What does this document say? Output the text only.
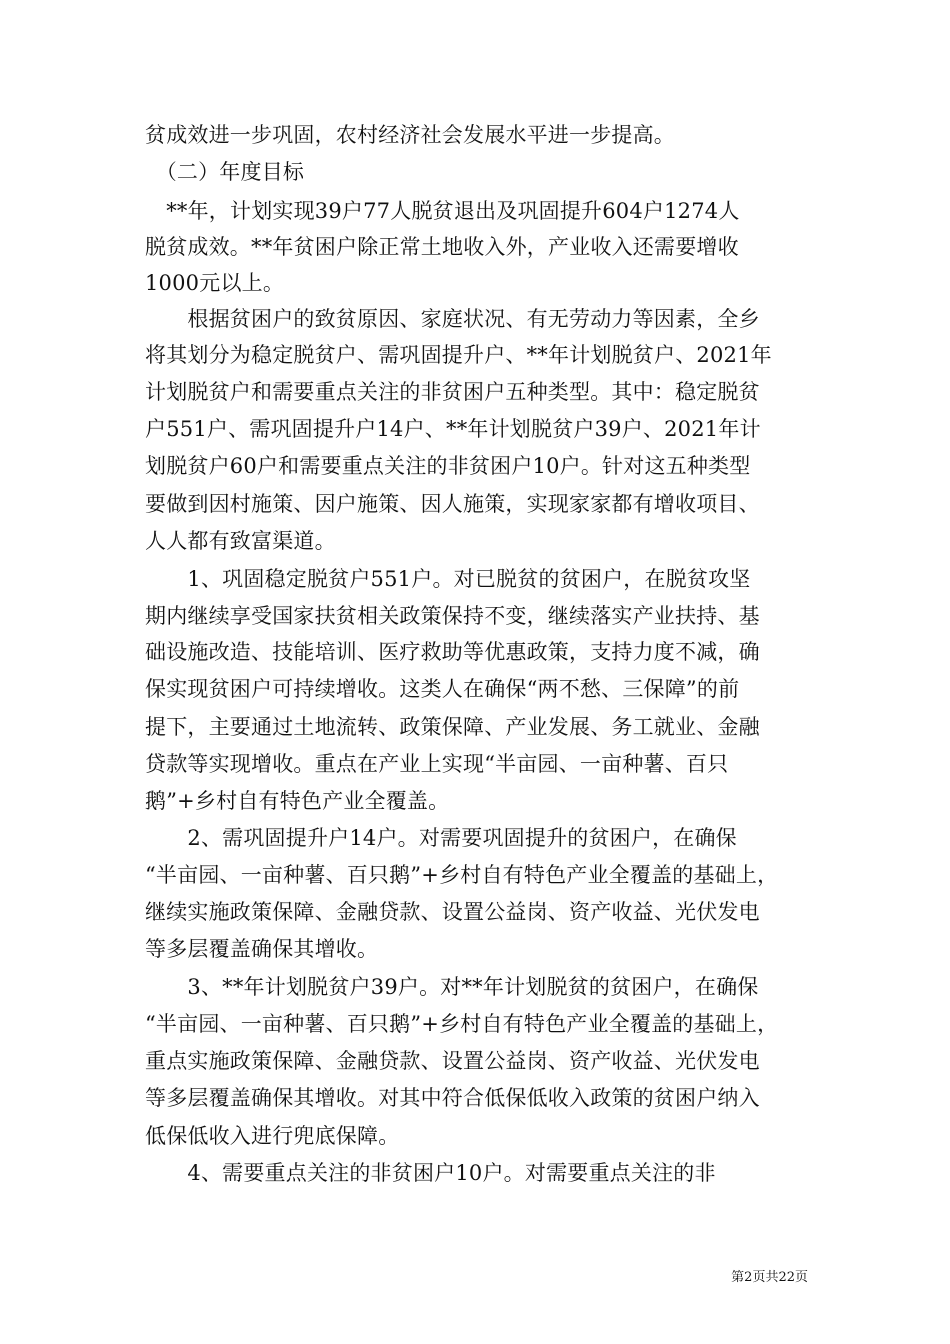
贫成效进一步巩固，农村经济社会发展水平进一步提高。
　（二）年度目标
　**年，计划实现39户77人脱贫退出及巩固提升604户1274人
脱贫成效。**年贫困户除正常土地收入外，产业收入还需要增收
1000元以上。
　　根据贫困户的致贫原因、家庭状况、有无劳动力等因素，全乡
将其划分为稳定脱贫户、需巩固提升户、**年计划脱贫户、2021年
计划脱贫户和需要重点关注的非贫困户五种类型。其中：稳定脱贫
户551户、需巩固提升户14户、**年计划脱贫户39户、2021年计
划脱贫户60户和需要重点关注的非贫困户10户。针对这五种类型
要做到因村施策、因户施策、因人施策，实现家家都有增收项目、
人人都有致富渠道。
　　1、巩固稳定脱贫户551户。对已脱贫的贫困户，在脱贫攻坚
期内继续享受国家扶贫相关政策保持不变，继续落实产业扶持、基
础设施改造、技能培训、医疗救助等优惠政策，支持力度不减，确
保实现贫困户可持续增收。这类人在确保“两不愁、三保障”的前
提下，主要通过土地流转、政策保障、产业发展、务工就业、金融
贷款等实现增收。重点在产业上实现“半亩园、一亩种薯、百只
鹅”+乡村自有特色产业全覆盖。
　　2、需巩固提升户14户。对需要巩固提升的贫困户，在确保
“半亩园、一亩种薯、百只鹅”+乡村自有特色产业全覆盖的基础上，
继续实施政策保障、金融贷款、设置公益岗、资产收益、光伏发电
等多层覆盖确保其增收。
　　3、**年计划脱贫户39户。对**年计划脱贫的贫困户，在确保
“半亩园、一亩种薯、百只鹅”+乡村自有特色产业全覆盖的基础上，
重点实施政策保障、金融贷款、设置公益岗、资产收益、光伏发电
等多层覆盖确保其增收。对其中符合低保低收入政策的贫困户纳入
低保低收入进行兜底保障。
　　4、需要重点关注的非贫困户10户。对需要重点关注的非
第2页共22页
